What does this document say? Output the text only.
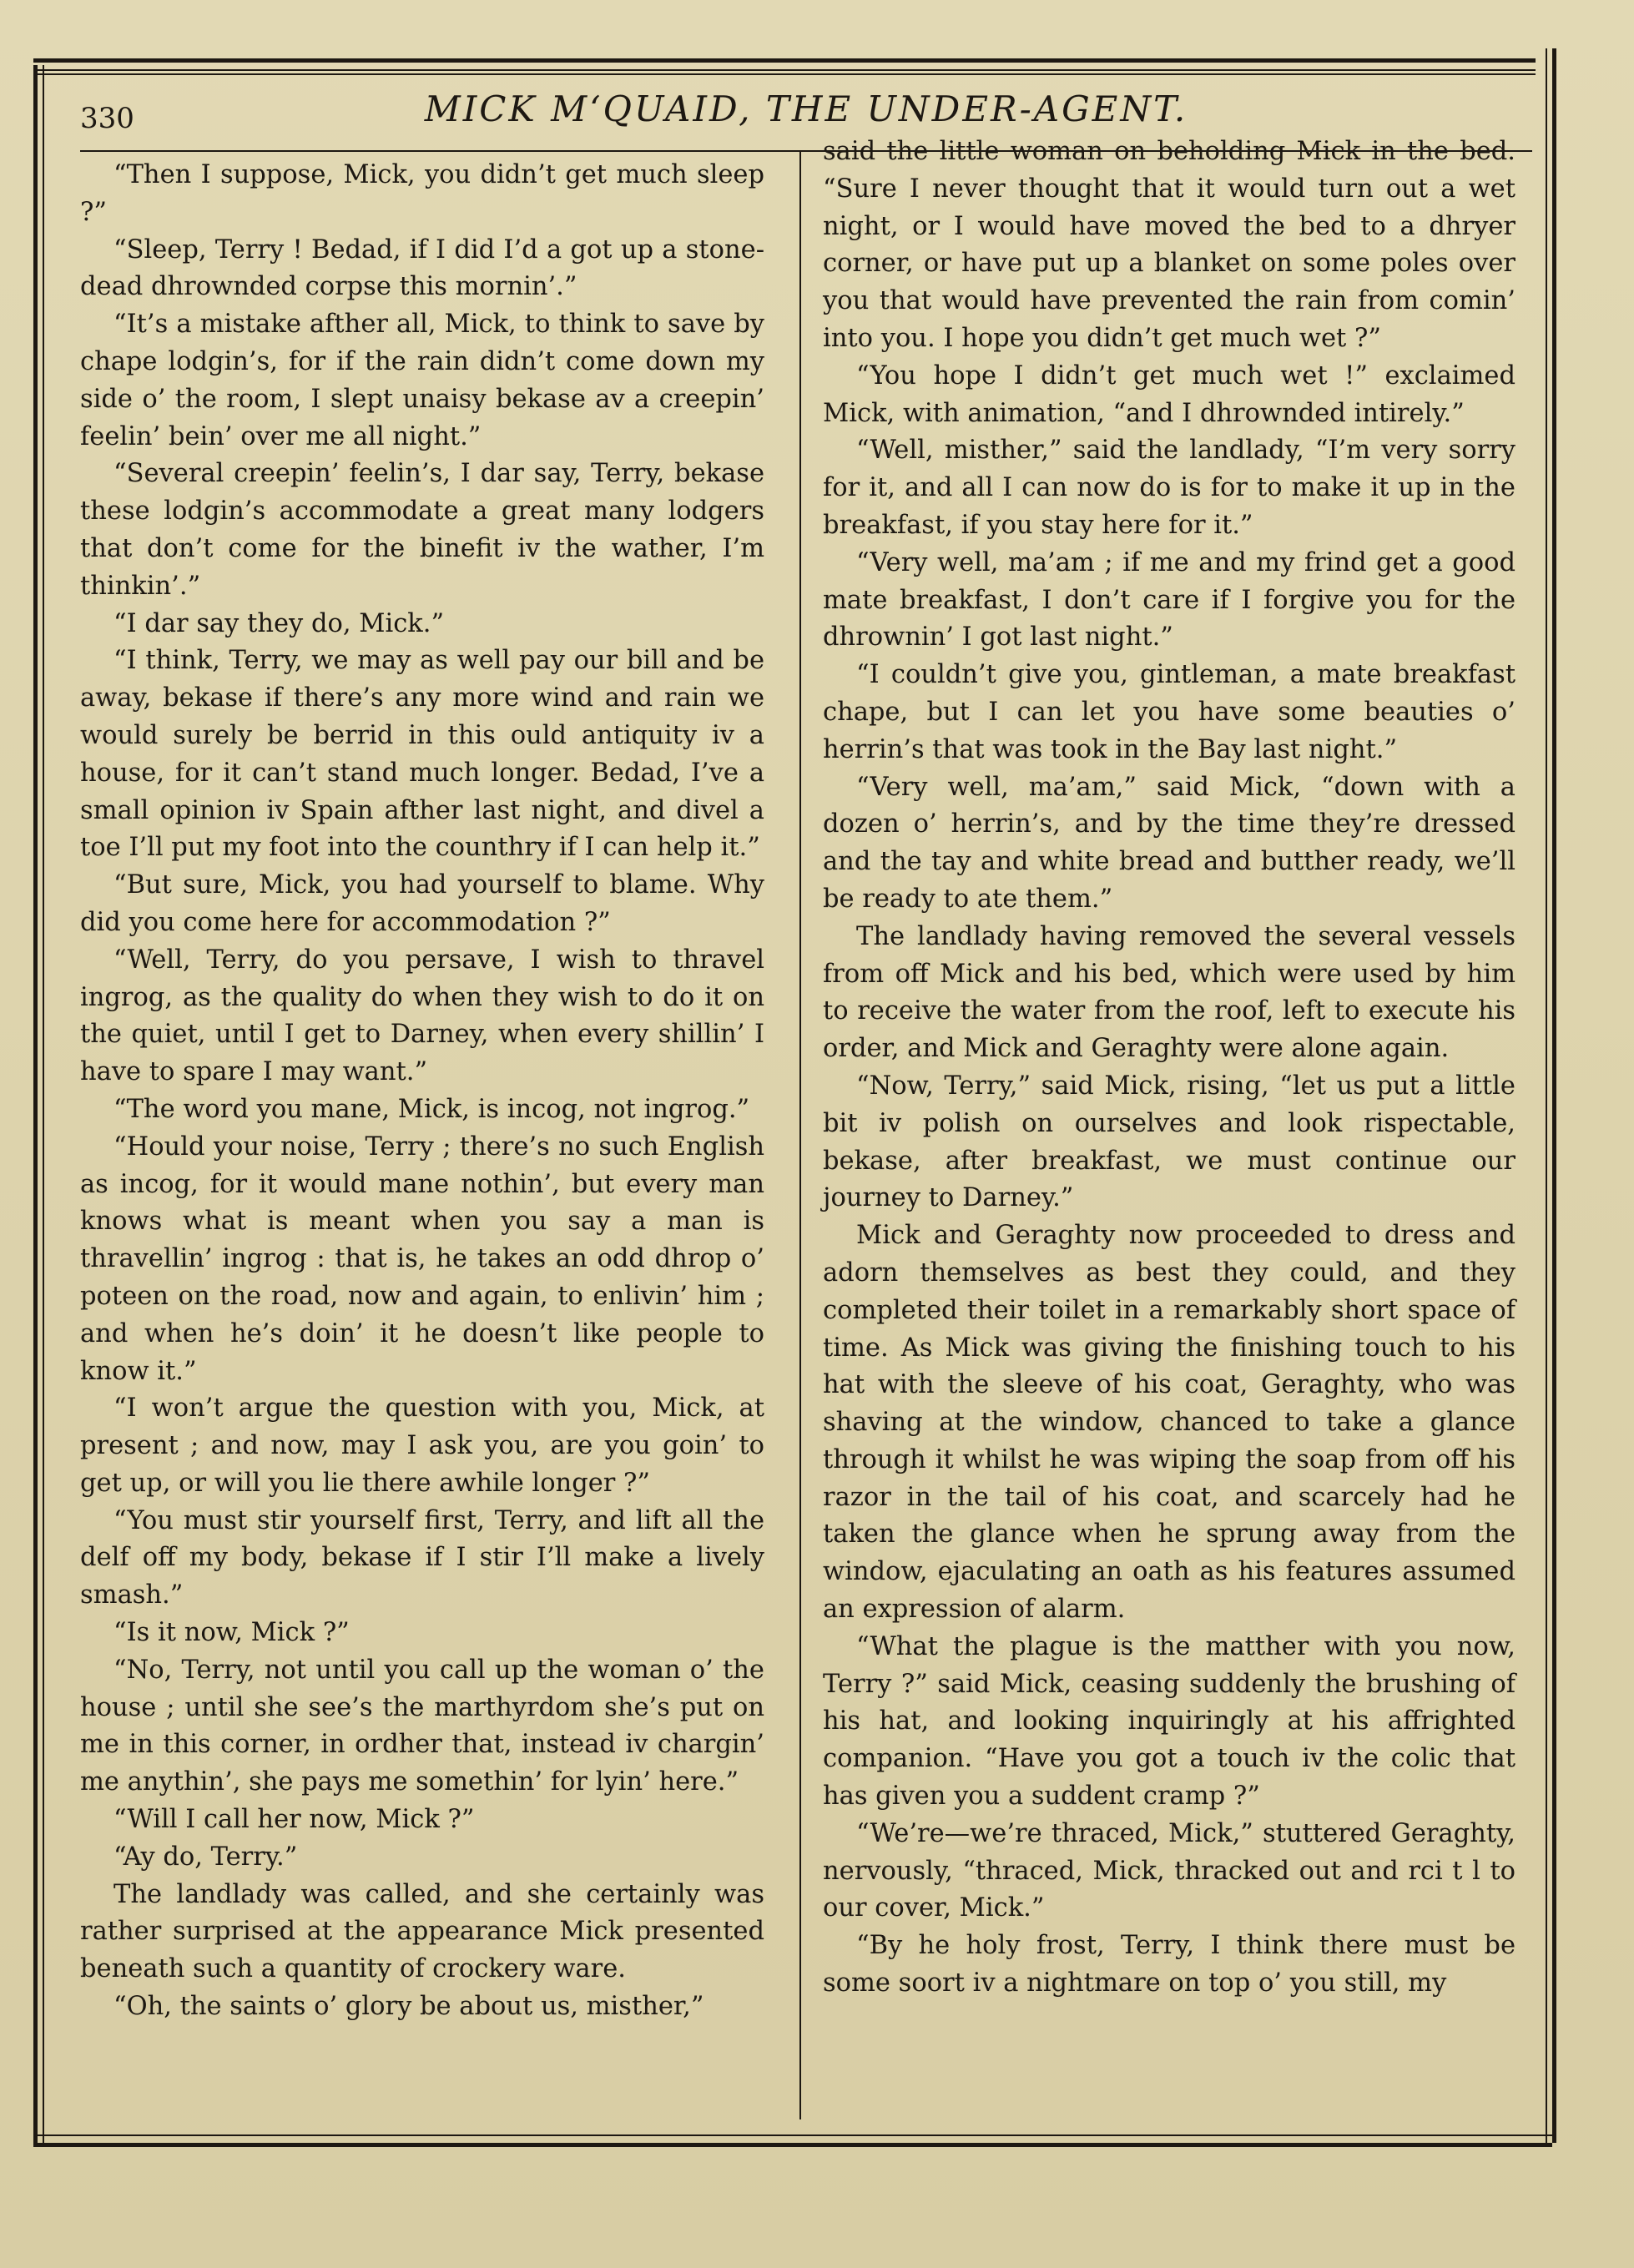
MICK M‘QUAID, THE UNDER-AGENT.
330

“Then I suppose, Mick, you didn’t get much sleep ?”

“Sleep, Terry ! Bedad, if I did I’d a got up a stone-dead dhrownded corpse this mornin’.”

“It’s a mistake afther all, Mick, to think to save by chape lodgin’s, for if the rain didn’t come down my side o’ the room, I slept unaisy bekase av a creepin’ feelin’ bein’ over me all night.”

“Several creepin’ feelin’s, I dar say, Terry, bekase these lodgin’s accommodate a great many lodgers that don’t come for the binefit iv the wather, I’m thinkin’.”

“I dar say they do, Mick.”

“I think, Terry, we may as well pay our bill and be away, bekase if there’s any more wind and rain we would surely be berrid in this ould antiquity iv a house, for it can’t stand much longer. Bedad, I’ve a small opinion iv Spain afther last night, and divel a toe I’ll put my foot into the counthry if I can help it.”

“But sure, Mick, you had yourself to blame. Why did you come here for accommodation ?”

“Well, Terry, do you persave, I wish to thravel ingrog, as the quality do when they wish to do it on the quiet, until I get to Darney, when every shillin’ I have to spare I may want.”

“The word you mane, Mick, is incog, not ingrog.”

“Hould your noise, Terry ; there’s no such English as incog, for it would mane nothin’, but every man knows what is meant when you say a man is thravellin’ ingrog : that is, he takes an odd dhrop o’ poteen on the road, now and again, to enlivin’ him ; and when he’s doin’ it he doesn’t like people to know it.”

“I won’t argue the question with you, Mick, at present ; and now, may I ask you, are you goin’ to get up, or will you lie there awhile longer ?”

“You must stir yourself first, Terry, and lift all the delf off my body, bekase if I stir I’ll make a lively smash.”

“Is it now, Mick ?”

“No, Terry, not until you call up the woman o’ the house ; until she see’s the marthyrdom she’s put on me in this corner, in ordher that, instead iv chargin’ me anythin’, she pays me somethin’ for lyin’ here.”

“Will I call her now, Mick ?”

“Ay do, Terry.”

The landlady was called, and she certainly was rather surprised at the appearance Mick presented beneath such a quantity of crockery ware.

“Oh, the saints o’ glory be about us, misther,”

said the little woman on beholding Mick in the bed. “Sure I never thought that it would turn out a wet night, or I would have moved the bed to a dhryer corner, or have put up a blanket on some poles over you that would have prevented the rain from comin’ into you. I hope you didn’t get much wet ?”

“You hope I didn’t get much wet !” exclaimed Mick, with animation, “and I dhrownded intirely.”

“Well, misther,” said the landlady, “I’m very sorry for it, and all I can now do is for to make it up in the breakfast, if you stay here for it.”

“Very well, ma’am ; if me and my frind get a good mate breakfast, I don’t care if I forgive you for the dhrownin’ I got last night.”

“I couldn’t give you, gintleman, a mate breakfast chape, but I can let you have some beauties o’ herrin’s that was took in the Bay last night.”

“Very well, ma’am,” said Mick, “down with a dozen o’ herrin’s, and by the time they’re dressed and the tay and white bread and butther ready, we’ll be ready to ate them.”

The landlady having removed the several vessels from off Mick and his bed, which were used by him to receive the water from the roof, left to execute his order, and Mick and Geraghty were alone again.

“Now, Terry,” said Mick, rising, “let us put a little bit iv polish on ourselves and look rispectable, bekase, after breakfast, we must continue our journey to Darney.”

Mick and Geraghty now proceeded to dress and adorn themselves as best they could, and they completed their toilet in a remarkably short space of time. As Mick was giving the finishing touch to his hat with the sleeve of his coat, Geraghty, who was shaving at the window, chanced to take a glance through it whilst he was wiping the soap from off his razor in the tail of his coat, and scarcely had he taken the glance when he sprung away from the window, ejaculating an oath as his features assumed an expression of alarm.

“What the plague is the matther with you now, Terry ?” said Mick, ceasing suddenly the brushing of his hat, and looking inquiringly at his affrighted companion. “Have you got a touch iv the colic that has given you a suddent cramp ?”

“We’re—we’re thraced, Mick,” stuttered Geraghty, nervously, “thraced, Mick, thracked out and rci t l to our cover, Mick.”

“By he holy frost, Terry, I think there must be some soort iv a nightmare on top o’ you still, my
